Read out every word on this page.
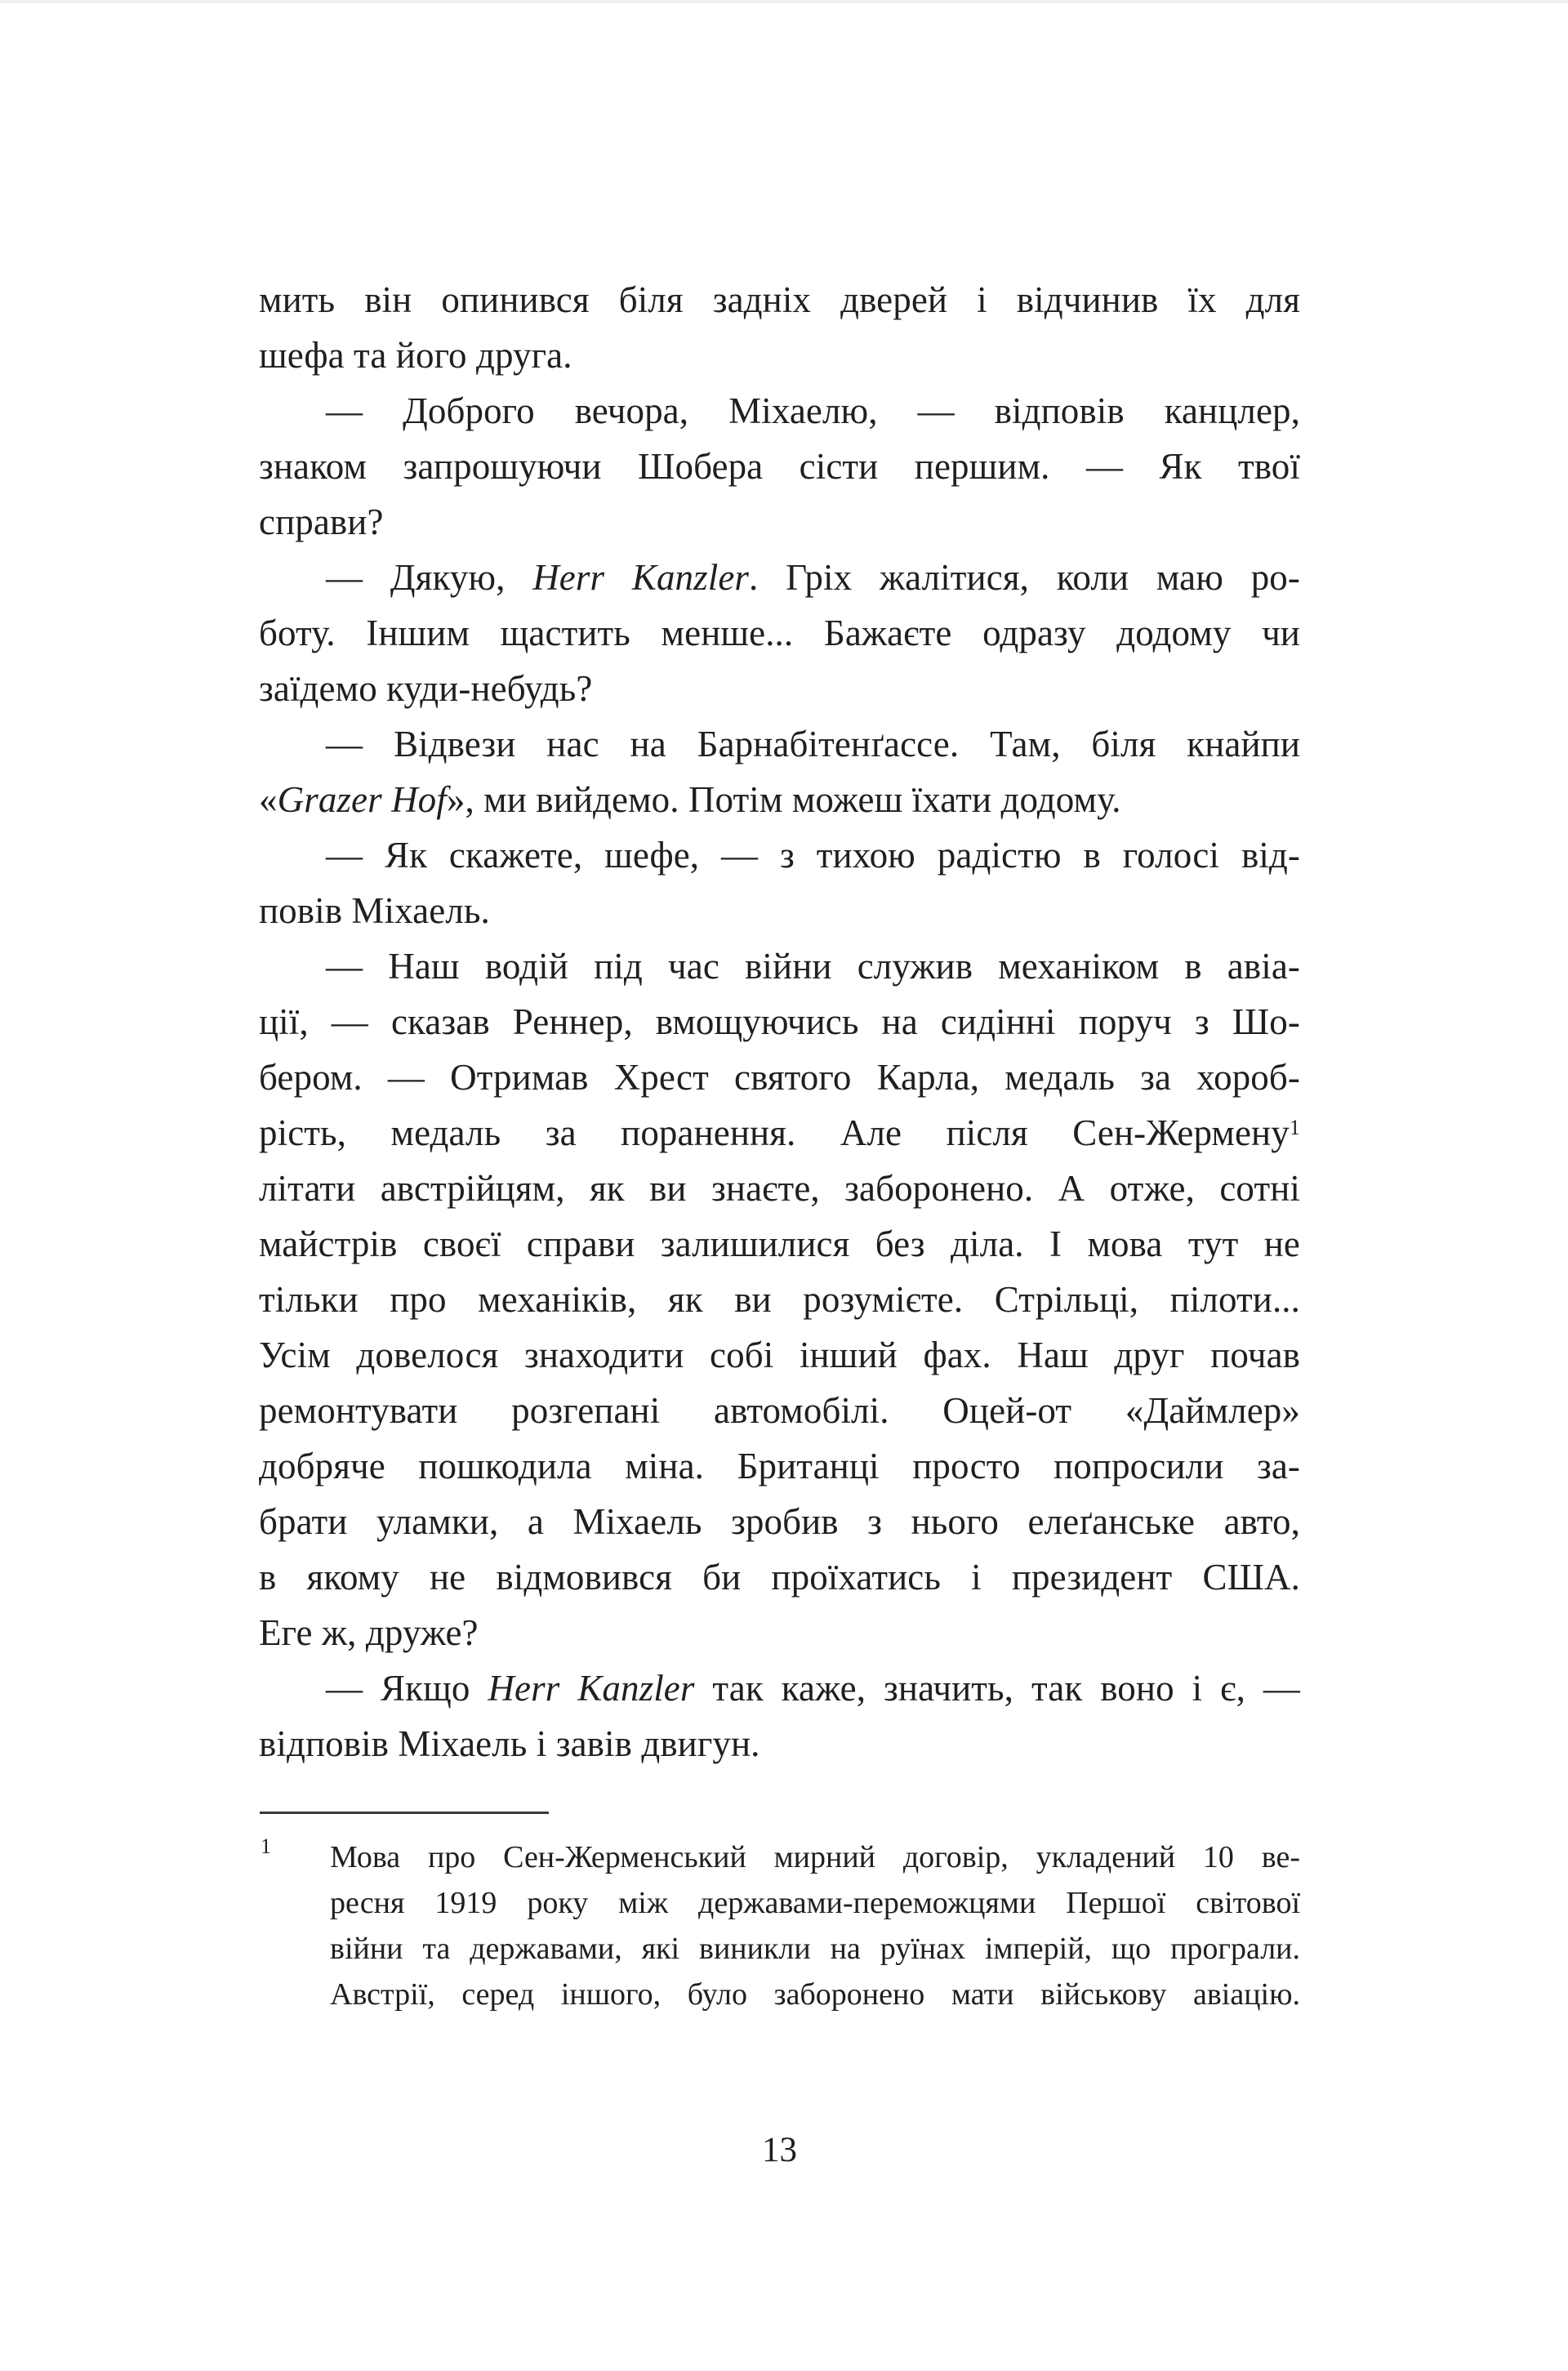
мить він опинився біля задніх дверей і відчинив їх для
шефа та його друга.
— Доброго вечора, Міхаелю, — відповів канцлер,
знаком запрошуючи Шобера сісти першим. — Як твої
справи?
— Дякую, Herr Kanzler. Гріх жалітися, коли маю ро-
боту. Іншим щастить менше... Бажаєте одразу додому чи
заїдемо куди-небудь?
— Відвези нас на Барнабітенґассе. Там, біля кнайпи
«Grazer Hof», ми вийдемо. Потім можеш їхати додому.
— Як скажете, шефе, — з тихою радістю в голосі від-
повів Міхаель.
— Наш водій під час війни служив механіком в авіа-
ції, — сказав Реннер, вмощуючись на сидінні поруч з Шо-
бером. — Отримав Хрест святого Карла, медаль за хороб-
рість, медаль за поранення. Але після Сен-Жермену$^1$
літати австрійцям, як ви знаєте, заборонено. А отже, сотні
майстрів своєї справи залишилися без діла. І мова тут не
тільки про механіків, як ви розумієте. Стрільці, пілоти...
Усім довелося знаходити собі інший фах. Наш друг почав
ремонтувати розгепані автомобілі. Оцей-от «Даймлер»
добряче пошкодила міна. Британці просто попросили за-
брати уламки, а Міхаель зробив з нього елеґанське авто,
в якому не відмовився би проїхатись і президент США.
Еге ж, друже?
— Якщо Herr Kanzler так каже, значить, так воно і є, —
відповів Міхаель і завів двигун.
1 Мова про Сен-Жерменський мирний договір, укладений 10 ве-
ресня 1919 року між державами-переможцями Першої світової
війни та державами, які виникли на руїнах імперій, що програли.
Австрії, серед іншого, було заборонено мати військову авіацію.
13
